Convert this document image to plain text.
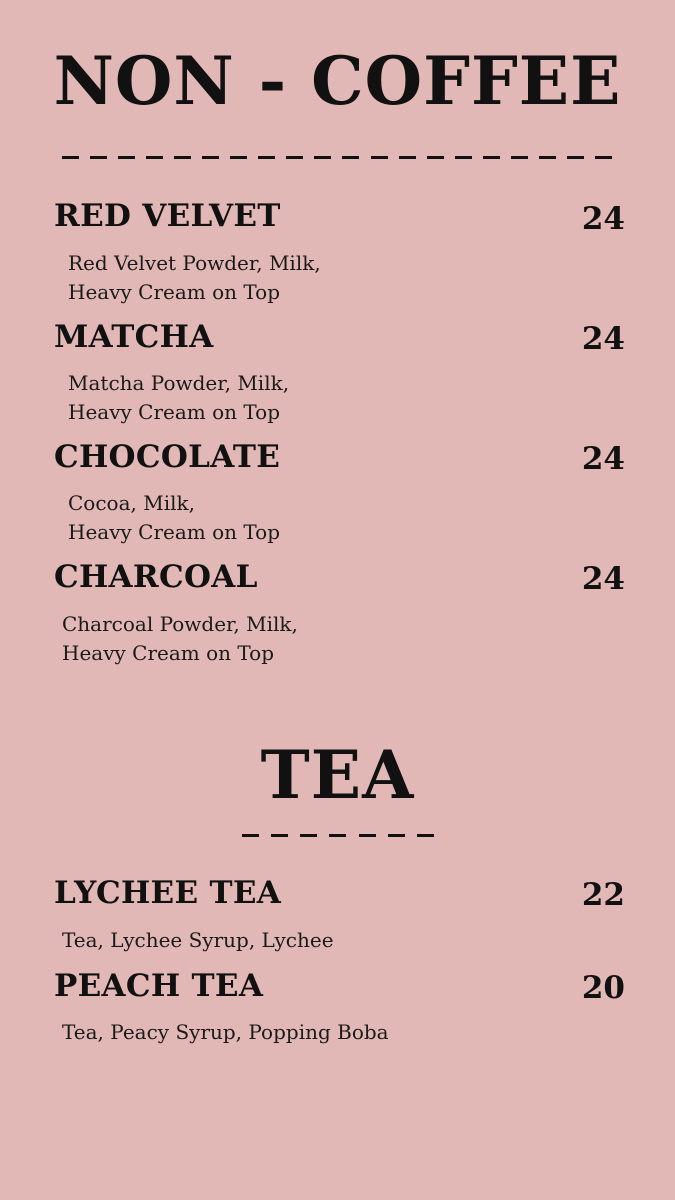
NON - COFFEE
RED VELVET	24
Red Velvet Powder, Milk,
Heavy Cream on Top
MATCHA	24
Matcha Powder, Milk,
Heavy Cream on Top
CHOCOLATE	24
Cocoa, Milk,
Heavy Cream on Top
CHARCOAL	24
Charcoal Powder, Milk,
Heavy Cream on Top
TEA
LYCHEE TEA	22
Tea, Lychee Syrup, Lychee
PEACH TEA	20
Tea, Peacy Syrup, Popping Boba
